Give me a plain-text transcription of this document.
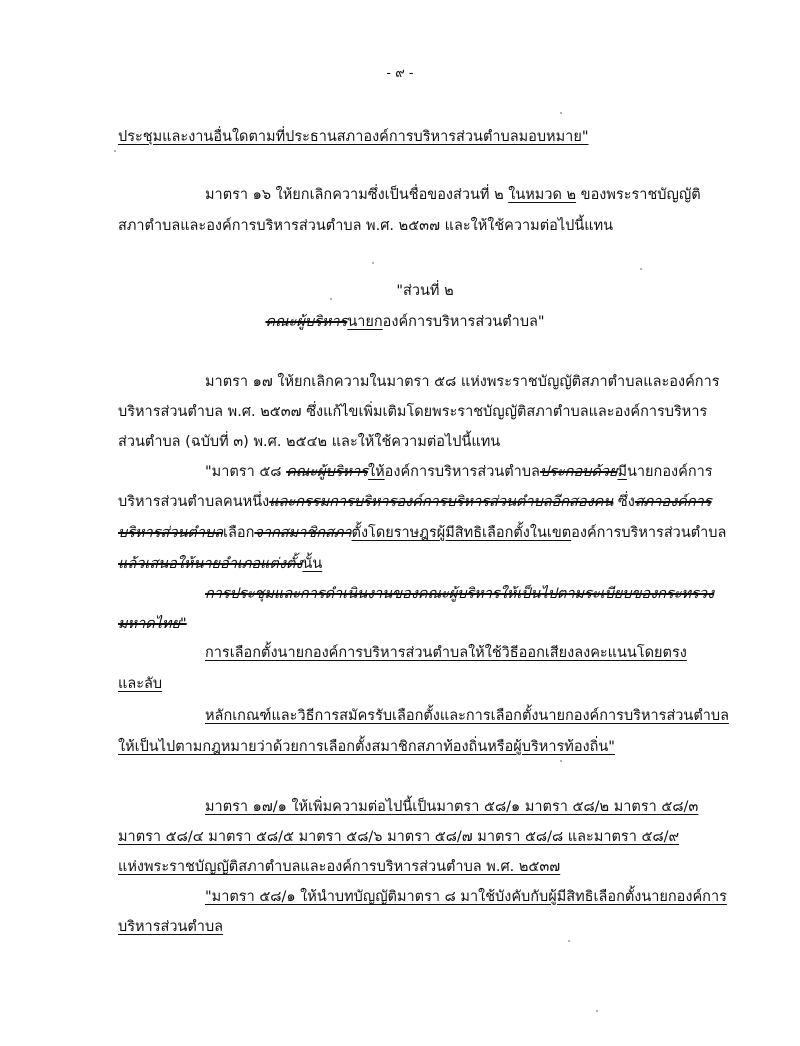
- ๙ -
ประชุมและงานอื่นใดตามที่ประธานสภาองค์การบริหารส่วนตำบลมอบหมาย"
มาตรา ๑๖ ให้ยกเลิกความซึ่งเป็นชื่อของส่วนที่ ๒ ในหมวด ๒ ของพระราชบัญญัติ
สภาตำบลและองค์การบริหารส่วนตำบล พ.ศ. ๒๕๓๗ และให้ใช้ความต่อไปนี้แทน
"ส่วนที่ ๒
คณะผู้บริหารนายกองค์การบริหารส่วนตำบล"
มาตรา ๑๗ ให้ยกเลิกความในมาตรา ๕๘ แห่งพระราชบัญญัติสภาตำบลและองค์การ
บริหารส่วนตำบล พ.ศ. ๒๕๓๗ ซึ่งแก้ไขเพิ่มเติมโดยพระราชบัญญัติสภาตำบลและองค์การบริหาร
ส่วนตำบล (ฉบับที่ ๓) พ.ศ. ๒๕๔๒ และให้ใช้ความต่อไปนี้แทน
"มาตรา ๕๘ คณะผู้บริหารให้องค์การบริหารส่วนตำบลประกอบด้วยมีนายกองค์การ
บริหารส่วนตำบลคนหนึ่งและกรรมการบริหารองค์การบริหารส่วนตำบลอีกสองคน ซึ่งสภาองค์การ
บริหารส่วนตำบลเลือกจากสมาชิกสภาตั้งโดยราษฎรผู้มีสิทธิเลือกตั้งในเขตองค์การบริหารส่วนตำบล
แล้วเสนอให้นายอำเภอแต่งตั้งนั้น
การประชุมและการดำเนินงานของคณะผู้บริหารให้เป็นไปตามระเบียบของกระทรวง
มหาดไทย"
การเลือกตั้งนายกองค์การบริหารส่วนตำบลให้ใช้วิธีออกเสียงลงคะแนนโดยตรง
และลับ
หลักเกณฑ์และวิธีการสมัครรับเลือกตั้งและการเลือกตั้งนายกองค์การบริหารส่วนตำบล
ให้เป็นไปตามกฎหมายว่าด้วยการเลือกตั้งสมาชิกสภาท้องถิ่นหรือผู้บริหารท้องถิ่น"
มาตรา ๑๗/๑ ให้เพิ่มความต่อไปนี้เป็นมาตรา ๕๘/๑ มาตรา ๕๘/๒ มาตรา ๕๘/๓
มาตรา ๕๘/๔ มาตรา ๕๘/๕ มาตรา ๕๘/๖ มาตรา ๕๘/๗ มาตรา ๕๘/๘ และมาตรา ๕๘/๙
แห่งพระราชบัญญัติสภาตำบลและองค์การบริหารส่วนตำบล พ.ศ. ๒๕๓๗
"มาตรา ๕๘/๑ ให้นำบทบัญญัติมาตรา ๘ มาใช้บังคับกับผู้มีสิทธิเลือกตั้งนายกองค์การ
บริหารส่วนตำบล
